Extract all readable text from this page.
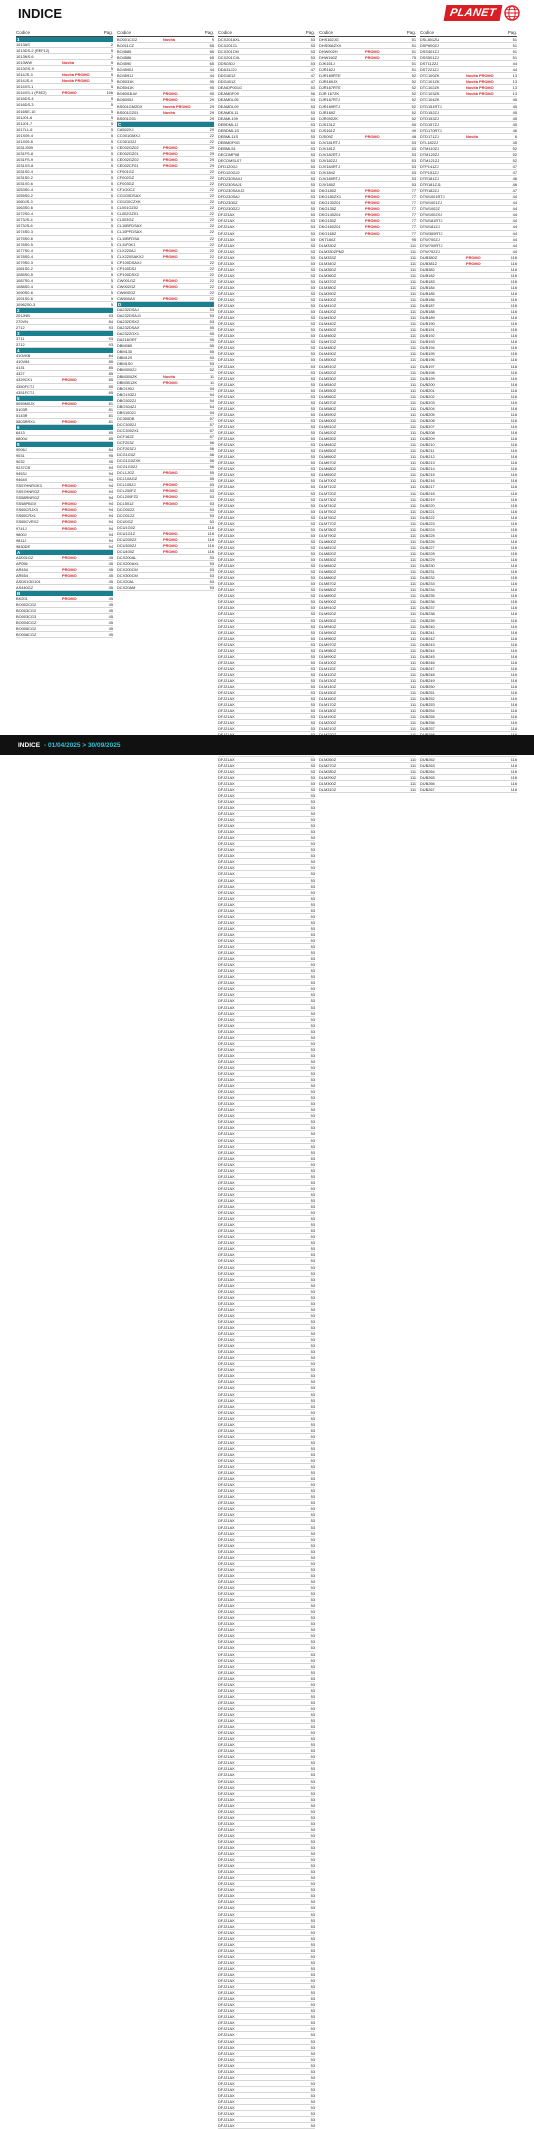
INDICE	PLANET
Codice	Pag.
1
1013AS	2
1013DS-2 (REF12)	5
1013NS-6	2
1013WW	Novità	5
1013GS-9	5
1014JS-3	Novità PROMO	5
1014JS-4	Novità PROMO	5
1014XS-1	5
1014XS-1 (P3E2)	PROMO	106
1016DS-4	5
1016DS-3	5
1016SE-10	5
101J01-6	5
101J01-7	5
1017LL-6	5
101X09-4	5
101X09-6	5
1031J009	5
1031FS-8	5
1031FS-9	5
1031XS-6	5
1031S0-4	5
1031S0-2	5
1031X0-6	5
1053S0-4	5
1055S0-2	5
1060JS-3	5
1063S0-6	5
1072S0-4	5
1073JS-4	5
1073JS-6	5
1074S0-3	5
1075S0-6	5
1076S0-5	5
1077S0-4	5
1078S0-4	5
1079S0-3	5
1081S0-2	5
1085S0-5	5
1087S0-4	5
1088S0-4	5
1090S0-6	5
1091S0-6	5
10962S0-3	5
2
201JNB	93
270VN	84
2712	93
3
3711	93
3712	93
4
410VKB	84
410V84	85
4131	85
4327	85
4329CK1	PROMO	85
4350FCTJ	85
4351FCTJ	85
5
5059M0JX	PROMO	81
5103R	81
5143R	81
5803RRX1	PROMO	81
6
6413	85
6800U	85
9
9006J	84
9031	95
9032	95
9237CB	94
9453J	94
9464X	94
SS57HNRGK3	PROMO	94
SS57HNRGZ	PROMO	94
SS58RNRGZ	94
SS58PBGX	PROMO	94
SS65CRJX3	PROMO	94
SS65CRX1	PROMO	94
SS65CVRX2	PROMO	94
9741J	PROMO	94
9800J	94
9811J	94
9830DE	94
A
AD001GZ	PROMO	45
AP056	45
AR454	PROMO	45
AR554	PROMO	45
ASD01GD101	45
AS440GZ	45
B
BK201	PROMO	45
BO002CG2	45
BO003CG2	45
BO003CG3	45
BO004CGZ	45
BO005CG2	45
BO006CGZ	45
Codice	Pag.
BO001CG2	Novità	9
BO011CZ	65
BO4585	65
BO4586	65
BO4590	65
BO4590J	44
BO4591J	44
BO5031K	95
BO5041K	95
BO6003LW	PROMO	95
BO6005J	PROMO	29
BS001GM2DX	Novità PROMO	29
BS001GZ01	Novità	29
BS001G01	29
C
CA502XJ	29
CC001GMXJ	22
CC001G2J	22
CE002GZ02	PROMO	29
CE002GZ01	PROMO	29
CE002GZ02	PROMO	29
CE002CF01	PROMO	29
CF001GZ	22
CF002GZ	22
CF003GZ	22
CF1G0CZ	22
CG1G0DSAX	22
CG1G0CZXK	22
CL001GZ02	22
CL002GZ01	22
CL003GZ	22
CL10BFDSAX	22
CL10PFDSAX	22
CL10BFDSA	22
CL11F0K1	22
CLX220AJ	PROMO	22
CLX220SAKX2	PROMO	22
CP100DSAXJ	22
CP100DSJ	22
CP100DSX2	22
CW001GZ	PROMO	22
CW002GZ	PROMO	22
CW600GZ	22
CW600AX	PROMO	22
D
DA232DSAJ	53
DA232DSAJ1	53
DA232DSX2	53
DA232DSAX	55
DA232ZGX1	55
DA216ORT	55
DBM080	55
DBM130	55
DBM120	53
DBM1S0	53
DBM300ZJ	52
DBM300ZK	Novità	11
DBM301ZK	PROMO	11
DBO190J	54
DBO193ZJ	54
DBO302ZJ	54
DBO304ZJ	54
DBS1002J	54
DC300DB	57
DCC3002J	57
DCC3002X1	57
DCF162Z	57
DCF203Z	56
DCF203ZJ	56
DCG1G0Z	56
DCG1G0ZXK	56
DCG1G0ZJ	56
DCL1JGZ	PROMO	55
DCL10AGZ	55
DCL105ZJ	PROMO	53
DCL200FZ	PROMO	53
DCL200FZ2	PROMO	53
DCL501Z	PROMO	53
DCO002Z	53
DCO012Z	53
DCU0GZ	53
DCU1G0Z	116
DCU1G1Z	PROMO	116
DCU2002Z	PROMO	116
DCU300ZJ	PROMO	116
DCU400Z	PROMO	116
DCX200AL	53
DCX200AXL	53
DCX200CM	53
DCX300CM	53
DCX20AL	53
DCX20AM	53
Codice	Pag.
DCX201AXL	53
DCX201CL	53
DCX201CM	53
DCX201CXL	53
DDS030J	53
DDA31J2J	47
DDG401Z	47
DDG401Z	47
DEAIDP001G	53
DEAMDF09	56
DEAMDL05	53
DEAMDL09	53
DEAMDL11	53
DEAML109	53
DEBDML1J	53
DEBDML1S	53
DEBML11S	53
DEBMDP0G	53
DEBML51	53
DECDMP08	53
DECDMSL07	53
DFD120GJ	53
DFD120GJ2	53
DFD230SAXJ	53
DFD230SAJ1	53
DFD230SAXJ2	53
DFD230SAJ	53
DFD230DZ	53
DFD230DZJ	53
DFJ21AX	53
DFJ21AX	53
DFJ21AX	53
DFJ21AX	53
DFJ21AX	53
DFJ21AX	53
DFJ21AX	53
DFJ21AX	53
DFJ21AX	53
DFJ21AX	53
DFJ21AX	53
DFJ21AX	53
DFJ21AX	53
DFJ21AX	53
DFJ21AX	53
DFJ21AX	53
DFJ21AX	53
DFJ21AX	53
DFJ21AX	53
DFJ21AX	53
DFJ21AX	53
DFJ21AX	53
DFJ21AX	53
DFJ21AX	53
DFJ21AX	53
DFJ21AX	53
DFJ21AX	53
DFJ21AX	53
DFJ21AX	53
DFJ21AX	53
DFJ21AX	53
DFJ21AX	53
DFJ21AX	53
DFJ21AX	53
DFJ21AX	53
DFJ21AX	53
DFJ21AX	53
DFJ21AX	53
DFJ21AX	53
DFJ21AX	53
DFJ21AX	53
DFJ21AX	53
DFJ21AX	53
DFJ21AX	53
DFJ21AX	53
DFJ21AX	53
DFJ21AX	53
DFJ21AX	53
DFJ21AX	53
DFJ21AX	53
DFJ21AX	53
DFJ21AX	53
DFJ21AX	53
DFJ21AX	53
DFJ21AX	53
DFJ21AX	53
DFJ21AX	53
DFJ21AX	53
DFJ21AX	53
DFJ21AX	53
DFJ21AX	53
DFJ21AX	53
DFJ21AX	53
DFJ21AX	53
DFJ21AX	53
DFJ21AX	53
DFJ21AX	53
DFJ21AX	53
DFJ21AX	53
DFJ21AX	53
DFJ21AX	53
DFJ21AX	53
DFJ21AX	53
DFJ21AX	53
DFJ21AX	53
DFJ21AX	53
DFJ21AX	53
DFJ21AX	53
DFJ21AX	53
DFJ21AX	53
DFJ21AX	53
DFJ21AX	53
DFJ21AX	53
DFJ21AX	53
DFJ21AX	53
DFJ21AX	53
DFJ21AX	53
DFJ21AX	53
DFJ21AX	53
DFJ21AX	53
DFJ21AX	53
DFJ21AX	53
DFJ21AX	53
DFJ21AX	53
DFJ21AX	53
DFJ21AX	53
DFJ21AX	53
DFJ21AX	53
DFJ21AX	53
DFJ21AX	53
DFJ21AX	53
DFJ21AX	53
DFJ21AX	53
DFJ21AX	53
DFJ21AX	53
DFJ21AX	53
DFJ21AX	53
DFJ21AX	53
DFJ21AX	53
DFJ21AX	53
DFJ21AX	53
DFJ21AX	53
DFJ21AX	53
DFJ21AX	53
DFJ21AX	53
DFJ21AX	53
DFJ21AX	53
DFJ21AX	53
DFJ21AX	53
DFJ21AX	53
DFJ21AX	53
DFJ21AX	53
DFJ21AX	53
DFJ21AX	53
DFJ21AX	53
DFJ21AX	53
DFJ21AX	53
DFJ21AX	53
DFJ21AX	53
DFJ21AX	53
DFJ21AX	53
DFJ21AX	53
DFJ21AX	53
DFJ21AX	53
DFJ21AX	53
DFJ21AX	53
DFJ21AX	53
DFJ21AX	53
DFJ21AX	53
DFJ21AX	53
DFJ21AX	53
DFJ21AX	53
DFJ21AX	53
DFJ21AX	53
DFJ21AX	53
DFJ21AX	53
DFJ21AX	53
DFJ21AX	53
DFJ21AX	53
DFJ21AX	53
DFJ21AX	53
DFJ21AX	53
DFJ21AX	53
DFJ21AX	53
DFJ21AX	53
DFJ21AX	53
DFJ21AX	53
DFJ21AX	53
DFJ21AX	53
DFJ21AX	53
DFJ21AX	53
DFJ21AX	53
DFJ21AX	53
DFJ21AX	53
DFJ21AX	53
DFJ21AX	53
DFJ21AX	53
DFJ21AX	53
DFJ21AX	53
DFJ21AX	53
DFJ21AX	53
DFJ21AX	53
DFJ21AX	53
DFJ21AX	53
DFJ21AX	53
DFJ21AX	53
DFJ21AX	53
DFJ21AX	53
DFJ21AX	53
DFJ21AX	53
DFJ21AX	53
DFJ21AX	53
DFJ21AX	53
DFJ21AX	53
DFJ21AX	53
DFJ21AX	53
DFJ21AX	53
DFJ21AX	53
DFJ21AX	53
DFJ21AX	53
DFJ21AX	53
DFJ21AX	53
DFJ21AX	53
DFJ21AX	53
DFJ21AX	53
DFJ21AX	53
DFJ21AX	53
DFJ21AX	53
DFJ21AX	53
DFJ21AX	53
DFJ21AX	53
DFJ21AX	53
DFJ21AX	53
DFJ21AX	53
DFJ21AX	53
DFJ21AX	53
DFJ21AX	53
DFJ21AX	53
DFJ21AX	53
DFJ21AX	53
DFJ21AX	53
DFJ21AX	53
DFJ21AX	53
DFJ21AX	53
DFJ21AX	53
DFJ21AX	53
DFJ21AX	53
DFJ21AX	53
DFJ21AX	53
DFJ21AX	53
DFJ21AX	53
DFJ21AX	53
DFJ21AX	53
DFJ21AX	53
DFJ21AX	53
DFJ21AX	53
DFJ21AX	53
DFJ21AX	53
DFJ21AX	53
DFJ21AX	53
DFJ21AX	53
DFJ21AX	53
DFJ21AX	53
DFJ21AX	53
DFJ21AX	53
DFJ21AX	53
DFJ21AX	53
DFJ21AX	53
DFJ21AX	53
DFJ21AX	53
DFJ21AX	53
DFJ21AX	53
DFJ21AX	53
DFJ21AX	53
DFJ21AX	53
DFJ21AX	53
DFJ21AX	53
DFJ21AX	53
DFJ21AX	53
DFJ21AX	53
DFJ21AX	53
DFJ21AX	53
DFJ21AX	53
DFJ21AX	53
DFJ21AX	53
DFJ21AX	53
DFJ21AX	53
DFJ21AX	53
DFJ21AX	53
DFJ21AX	53
DFJ21AX	53
DFJ21AX	53
DFJ21AX	53
DFJ21AX	53
DFJ21AX	53
DFJ21AX	53
DFJ21AX	53
DFJ21AX	53
DFJ21AX	53
DFJ21AX	53
DFJ21AX	53
DFJ21AX	53
DFJ21AX	53
DFJ21AX	53
DFJ21AX	53
DFJ21AX	53
DFJ21AX	53
DFJ21AX	53
DFJ21AX	53
DFJ21AX	53
DFJ21AX	53
DFJ21AX	53
DFJ21AX	53
DFJ21AX	53
DFJ21AX	53
DFJ21AX	53
DFJ21AX	53
DFJ21AX	53
DFJ21AX	53
DFJ21AX	53
DFJ21AX	53
DFJ21AX	53
DFJ21AX	53
DFJ21AX	53
DFJ21AX	53
DFJ21AX	53
DFJ21AX	53
DFJ21AX	53
DFJ21AX	53
DFJ21AX	53
DFJ21AX	53
DFJ21AX	53
DFJ21AX	53
DFJ21AX	53
DFJ21AX	53
DFJ21AX	53
DFJ21AX	53
DFJ21AX	53
DFJ21AX	53
DFJ21AX	53
DFJ21AX	53
DFJ21AX	53
DFJ21AX	53
Codice	Pag.
DHS162JG	51
DHS066ZXX	51
DHW002H	PROMO	51
DHW160Z	PROMO	75
DJK161J	51
DJR162J	51
DJR169RTE	52
DJR169JX	52
DJR167RTE	52
DJR 167ZK	52
DJR167RTJ	52
DJR169RTJ	52
DJR169Z	52
DJR092ZK	52
DJS131Z	50
DJS161Z	49
DJS09Z	PROMO	48
DJV181RTJ	53
DJV181Z	53
DJV182RTJ	53
DJV182ZJ	53
DJV184RTJ	53
DJV184Z	53
DJV185RTJ	53
DJV185Z	53
DKG180Z	PROMO	77
DKG180ZX1	PROMO	77
DKG130Z01	PROMO	77
DKG135Z	PROMO	77
DKG140Z01	PROMO	77
DKG150Z	PROMO	77
DKG160Z01	PROMO	77
DKG165Z	PROMO	77
DKT160Z	95
DLM330Z	111
DLM330ZPM2	111
DLM333Z	111
DLM340Z	111
DLM350Z	111
DLM360Z	111
DLM370Z	111
DLM380Z	111
DLM390Z	111
DLM400Z	111
DLM410Z	111
DLM420Z	111
DLM430Z	111
DLM440Z	111
DLM450Z	111
DLM460Z	111
DLM470Z	111
DLM480Z	111
DLM490Z	111
DLM500Z	111
DLM510Z	111
DLM520Z	111
DLM530Z	111
DLM540Z	111
DLM550Z	111
DLM560Z	111
DLM570Z	111
DLM580Z	111
DLM590Z	111
DLM600Z	111
DLM610Z	111
DLM620Z	111
DLM630Z	111
DLM640Z	111
DLM650Z	111
DLM660Z	111
DLM670Z	111
DLM680Z	111
DLM690Z	111
DLM700Z	111
DLM710Z	111
DLM720Z	111
DLM730Z	111
DLM740Z	111
DLM750Z	111
DLM760Z	111
DLM770Z	111
DLM780Z	111
DLM790Z	111
DLM800Z	111
DLM810Z	111
DLM820Z	111
DLM830Z	111
DLM840Z	111
DLM850Z	111
DLM860Z	111
DLM870Z	111
DLM880Z	111
DLM890Z	111
DLM900Z	111
DLM910Z	111
DLM920Z	111
DLM930Z	111
DLM940Z	111
DLM950Z	111
DLM960Z	111
DLM970Z	111
DLM980Z	111
DLM990Z	111
DLM100Z	111
DLM110Z	111
DLM120Z	111
DLM130Z	111
DLM140Z	111
DLM150Z	111
DLM160Z	111
DLM170Z	111
DLM180Z	111
DLM190Z	111
DLM200Z	111
DLM210Z	111
DLM260Z	111
DLM270Z	111
DLM280Z	111
DLM290Z	111
DLM300Z	111
DLM310Z	111
Codice	Pag.
DSL801ZU	51
DSP600ZJ	51
DSS401ZJ	51
DSS501ZJ	51
DST112ZJ	44
DST221ZJ	44
DTC100ZK	Novità PROMO	13
DTC101ZK	Novità PROMO	13
DTC102ZK	Novità PROMO	13
DTC103ZK	Novità PROMO	13
DTC104ZK	45
DTD151RTJ	45
DTD152ZJ	45
DTD153ZJ	45
DTD157ZJ	45
DTD170RTJ	46
DTD171ZJ	Novità	6
DTL182ZJ	45
DTM110ZJ	52
DTM120ZJ	52
DTM121ZJ	52
DTP141ZJ	47
DTP151ZJ	47
DTR181ZJ	46
DTR181ZJ1	46
DTR182ZJ	47
DTW1001RTJ	44
DTW1001ZJ	44
DTW1002Z	44
DTW1002XJ	44
DTW181RTJ	44
DTW181ZJ	44
DTW300RTJ	44
DTW700ZJ	44
DTW700RTJ	44
DTW702ZJ	44
DUB380Z	PROMO	116
DUB381Z	PROMO	116
DUB382	116
DUB182	116
DUB183	116
DUB184	116
DUB185	116
DUB186	116
DUB187	116
DUB188	116
DUB189	116
DUB190	116
DUB191	116
DUB192	116
DUB193	116
DUB194	116
DUB195	116
DUB196	116
DUB197	116
DUB198	116
DUB199	116
DUB200	116
DUB201	116
DUB202	116
DUB203	116
DUB204	116
DUB205	116
DUB206	116
DUB207	116
DUB208	116
DUB209	116
DUB210	116
DUB211	116
DUB212	116
DUB213	116
DUB214	116
DUB215	116
DUB216	116
DUB217	116
DUB218	116
DUB219	116
DUB220	116
DUB221	116
DUB222	116
DUB223	116
DUB224	116
DUB225	116
DUB226	116
DUB227	116
DUB228	116
DUB229	116
DUB230	116
DUB231	116
DUB232	116
DUB233	116
DUB234	116
DUB235	116
DUB236	116
DUB237	116
DUB238	116
DUB239	116
DUB240	116
DUB241	116
DUB242	116
DUB243	116
DUB244	116
DUB245	116
DUB246	116
DUB247	116
DUB248	116
DUB249	116
DUB250	116
DUB251	116
DUB252	116
DUB253	116
DUB254	116
DUB255	116
DUB256	116
DUB257	116
DUB262	116
DUB263	116
DUB264	116
DUB265	116
DUB266	116
DUB267	116
INDICE - 01/04/2025 > 30/09/2025
